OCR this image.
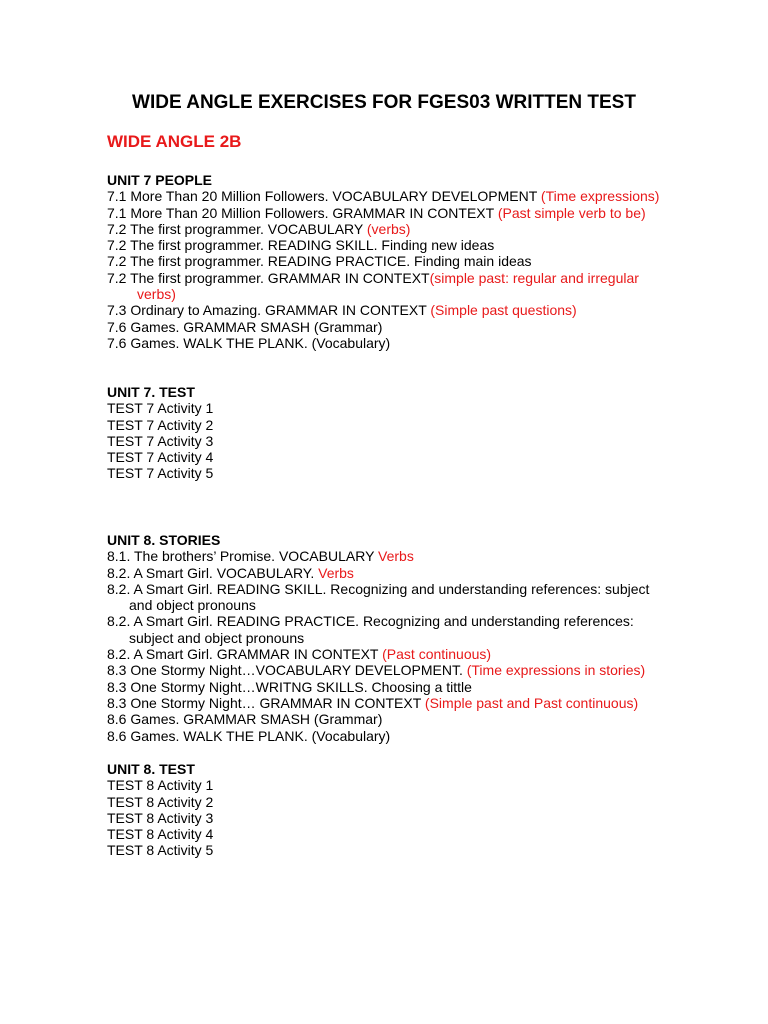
WIDE ANGLE EXERCISES FOR FGES03 WRITTEN TEST
WIDE ANGLE 2B
UNIT 7 PEOPLE
7.1 More Than 20 Million Followers. VOCABULARY DEVELOPMENT (Time expressions)
7.1 More Than 20 Million Followers. GRAMMAR IN CONTEXT (Past simple verb to be)
7.2 The first programmer. VOCABULARY (verbs)
7.2 The first programmer. READING SKILL. Finding new ideas
7.2 The first programmer. READING PRACTICE. Finding main ideas
7.2 The first programmer. GRAMMAR IN CONTEXT(simple past: regular and irregular
verbs)
7.3 Ordinary to Amazing. GRAMMAR IN CONTEXT (Simple past questions)
7.6 Games. GRAMMAR SMASH (Grammar)
7.6 Games. WALK THE PLANK. (Vocabulary)
UNIT 7. TEST
TEST 7 Activity 1
TEST 7 Activity 2
TEST 7 Activity 3
TEST 7 Activity 4
TEST 7 Activity 5
UNIT 8. STORIES
8.1. The brothers’ Promise. VOCABULARY Verbs
8.2. A Smart Girl. VOCABULARY. Verbs
8.2. A Smart Girl. READING SKILL. Recognizing and understanding references: subject
and object pronouns
8.2. A Smart Girl. READING PRACTICE. Recognizing and understanding references:
subject and object pronouns
8.2. A Smart Girl. GRAMMAR IN CONTEXT (Past continuous)
8.3 One Stormy Night…VOCABULARY DEVELOPMENT. (Time expressions in stories)
8.3 One Stormy Night…WRITNG SKILLS. Choosing a tittle
8.3 One Stormy Night… GRAMMAR IN CONTEXT (Simple past and Past continuous)
8.6 Games. GRAMMAR SMASH (Grammar)
8.6 Games. WALK THE PLANK. (Vocabulary)
UNIT 8. TEST
TEST 8 Activity 1
TEST 8 Activity 2
TEST 8 Activity 3
TEST 8 Activity 4
TEST 8 Activity 5
